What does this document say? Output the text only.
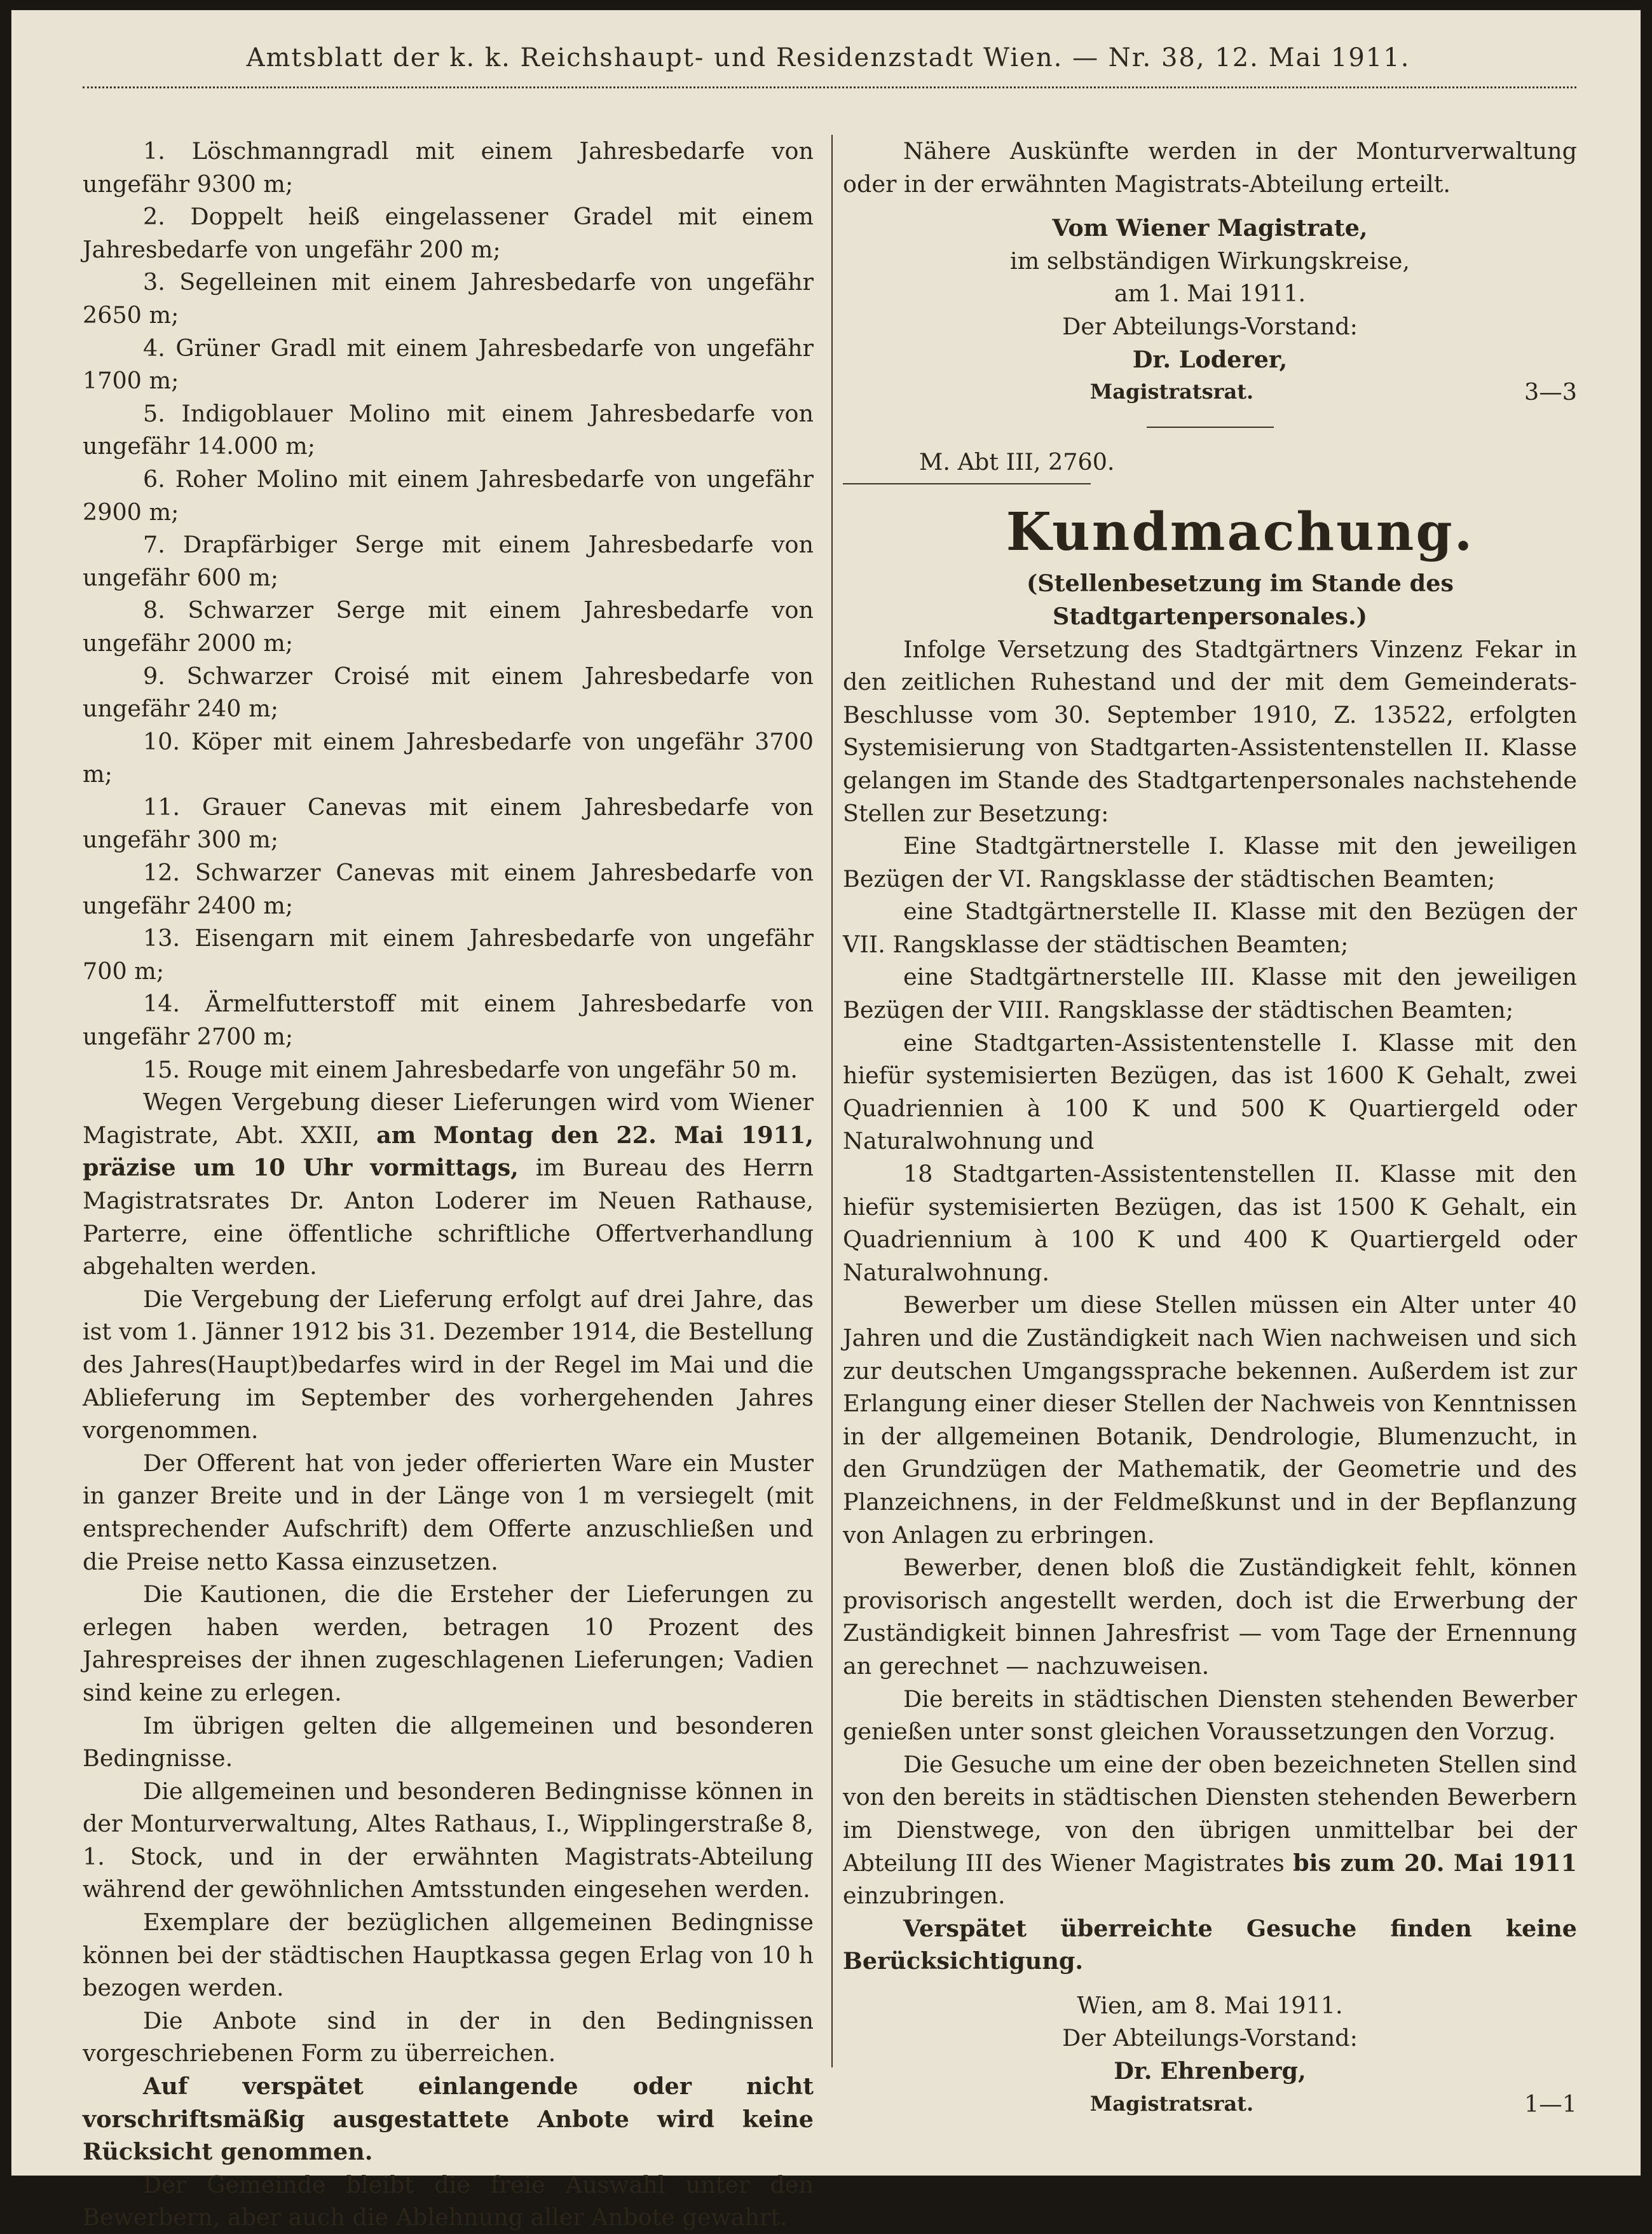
Amtsblatt der k. k. Reichshaupt- und Residenzstadt Wien. — Nr. 38, 12. Mai 1911.

1. Löschmanngradl mit einem Jahresbedarfe von ungefähr 9300 m;

2. Doppelt heiß eingelassener Gradel mit einem Jahresbedarfe von ungefähr 200 m;

3. Segelleinen mit einem Jahresbedarfe von ungefähr 2650 m;

4. Grüner Gradl mit einem Jahresbedarfe von ungefähr 1700 m;

5. Indigoblauer Molino mit einem Jahresbedarfe von ungefähr 14.000 m;

6. Roher Molino mit einem Jahresbedarfe von ungefähr 2900 m;

7. Drapfärbiger Serge mit einem Jahresbedarfe von ungefähr 600 m;

8. Schwarzer Serge mit einem Jahresbedarfe von ungefähr 2000 m;

9. Schwarzer Croisé mit einem Jahresbedarfe von ungefähr 240 m;

10. Köper mit einem Jahresbedarfe von ungefähr 3700 m;

11. Grauer Canevas mit einem Jahresbedarfe von ungefähr 300 m;

12. Schwarzer Canevas mit einem Jahresbedarfe von ungefähr 2400 m;

13. Eisengarn mit einem Jahresbedarfe von ungefähr 700 m;

14. Ärmelfutterstoff mit einem Jahresbedarfe von ungefähr 2700 m;

15. Rouge mit einem Jahresbedarfe von ungefähr 50 m.

Wegen Vergebung dieser Lieferungen wird vom Wiener Magistrate, Abt. XXII, am Montag den 22. Mai 1911, präzise um 10 Uhr vormittags, im Bureau des Herrn Magistratsrates Dr. Anton Loderer im Neuen Rathause, Parterre, eine öffentliche schriftliche Offertverhandlung abgehalten werden.

Die Vergebung der Lieferung erfolgt auf drei Jahre, das ist vom 1. Jänner 1912 bis 31. Dezember 1914, die Bestellung des Jahres(Haupt)bedarfes wird in der Regel im Mai und die Ablieferung im September des vorhergehenden Jahres vorgenommen.

Der Offerent hat von jeder offerierten Ware ein Muster in ganzer Breite und in der Länge von 1 m versiegelt (mit entsprechender Aufschrift) dem Offerte anzuschließen und die Preise netto Kassa einzusetzen.

Die Kautionen, die die Ersteher der Lieferungen zu erlegen haben werden, betragen 10 Prozent des Jahrespreises der ihnen zugeschlagenen Lieferungen; Vadien sind keine zu erlegen.

Im übrigen gelten die allgemeinen und besonderen Bedingnisse.

Die allgemeinen und besonderen Bedingnisse können in der Monturverwaltung, Altes Rathaus, I., Wipplingerstraße 8, 1. Stock, und in der erwähnten Magistrats-Abteilung während der gewöhnlichen Amtsstunden eingesehen werden.

Exemplare der bezüglichen allgemeinen Bedingnisse können bei der städtischen Hauptkassa gegen Erlag von 10 h bezogen werden.

Die Anbote sind in der in den Bedingnissen vorgeschriebenen Form zu überreichen.

Auf verspätet einlangende oder nicht vorschriftsmäßig ausgestattete Anbote wird keine Rücksicht genommen.

Der Gemeinde bleibt die freie Auswahl unter den Bewerbern, aber auch die Ablehnung aller Anbote gewahrt.

Nähere Auskünfte werden in der Monturverwaltung oder in der erwähnten Magistrats-Abteilung erteilt.

Vom Wiener Magistrate,

im selbständigen Wirkungskreise,

am 1. Mai 1911.

Der Abteilungs-Vorstand:

Dr. Loderer,

Magistratsrat.	3—3

M. Abt III, 2760.

Kundmachung.

(Stellenbesetzung im Stande des Stadtgartenpersonales.)

Infolge Versetzung des Stadtgärtners Vinzenz Fekar in den zeitlichen Ruhestand und der mit dem Gemeinderats-Beschlusse vom 30. September 1910, Z. 13522, erfolgten Systemisierung von Stadtgarten-Assistentenstellen II. Klasse gelangen im Stande des Stadtgartenpersonales nachstehende Stellen zur Besetzung:

Eine Stadtgärtnerstelle I. Klasse mit den jeweiligen Bezügen der VI. Rangsklasse der städtischen Beamten;

eine Stadtgärtnerstelle II. Klasse mit den Bezügen der VII. Rangsklasse der städtischen Beamten;

eine Stadtgärtnerstelle III. Klasse mit den jeweiligen Bezügen der VIII. Rangsklasse der städtischen Beamten;

eine Stadtgarten-Assistentenstelle I. Klasse mit den hiefür systemisierten Bezügen, das ist 1600 K Gehalt, zwei Quadriennien à 100 K und 500 K Quartiergeld oder Naturalwohnung und

18 Stadtgarten-Assistentenstellen II. Klasse mit den hiefür systemisierten Bezügen, das ist 1500 K Gehalt, ein Quadriennium à 100 K und 400 K Quartiergeld oder Naturalwohnung.

Bewerber um diese Stellen müssen ein Alter unter 40 Jahren und die Zuständigkeit nach Wien nachweisen und sich zur deutschen Umgangssprache bekennen. Außerdem ist zur Erlangung einer dieser Stellen der Nachweis von Kenntnissen in der allgemeinen Botanik, Dendrologie, Blumenzucht, in den Grundzügen der Mathematik, der Geometrie und des Planzeichnens, in der Feldmeßkunst und in der Bepflanzung von Anlagen zu erbringen.

Bewerber, denen bloß die Zuständigkeit fehlt, können provisorisch angestellt werden, doch ist die Erwerbung der Zuständigkeit binnen Jahresfrist — vom Tage der Ernennung an gerechnet — nachzuweisen.

Die bereits in städtischen Diensten stehenden Bewerber genießen unter sonst gleichen Voraussetzungen den Vorzug.

Die Gesuche um eine der oben bezeichneten Stellen sind von den bereits in städtischen Diensten stehenden Bewerbern im Dienstwege, von den übrigen unmittelbar bei der Abteilung III des Wiener Magistrates bis zum 20. Mai 1911 einzubringen.

Verspätet überreichte Gesuche finden keine Berücksichtigung.

Wien, am 8. Mai 1911.

Der Abteilungs-Vorstand:

Dr. Ehrenberg,

Magistratsrat.	1—1
